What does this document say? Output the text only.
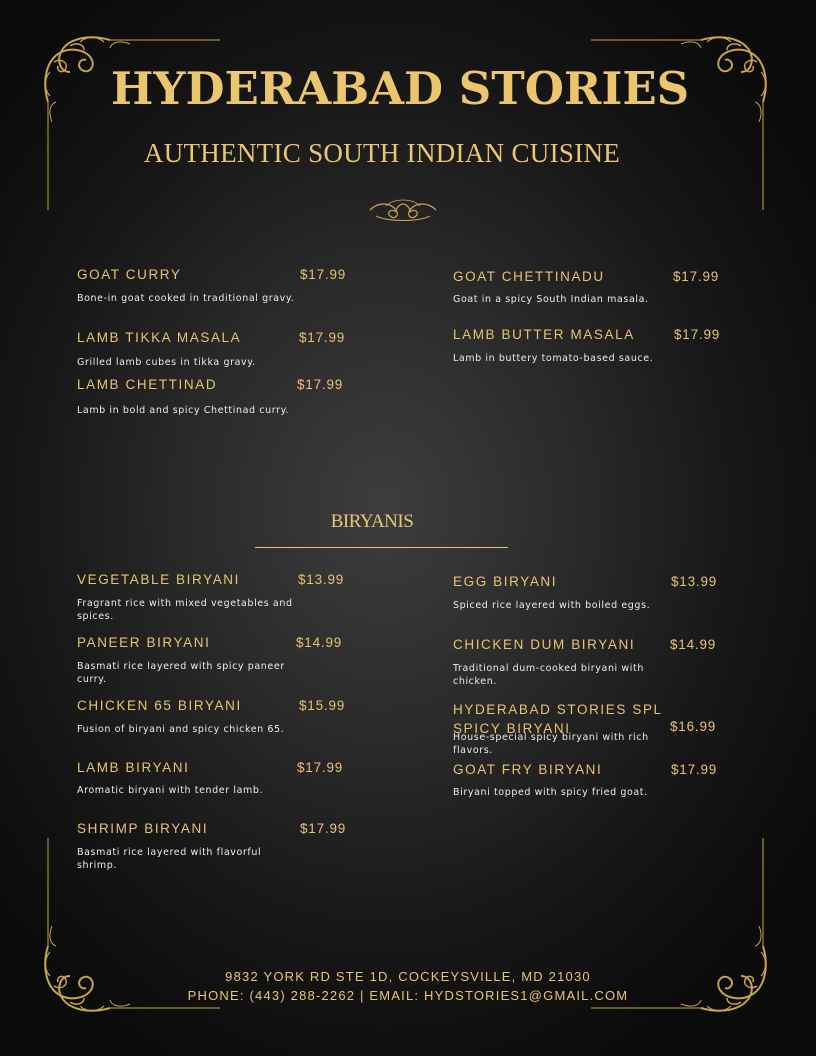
HYDERABAD STORIES
AUTHENTIC SOUTH INDIAN CUISINE
GOAT CURRY	$17.99
Bone-in goat cooked in traditional gravy.
LAMB TIKKA MASALA	$17.99
Grilled lamb cubes in tikka gravy.
LAMB CHETTINAD	$17.99
Lamb in bold and spicy Chettinad curry.
GOAT CHETTINADU	$17.99
Goat in a spicy South Indian masala.
LAMB BUTTER MASALA	$17.99
Lamb in buttery tomato-based sauce.
BIRYANIS
VEGETABLE BIRYANI	$13.99
Fragrant rice with mixed vegetables and spices.
PANEER BIRYANI	$14.99
Basmati rice layered with spicy paneer curry.
CHICKEN 65 BIRYANI	$15.99
Fusion of biryani and spicy chicken 65.
LAMB BIRYANI	$17.99
Aromatic biryani with tender lamb.
SHRIMP BIRYANI	$17.99
Basmati rice layered with flavorful shrimp.
EGG BIRYANI	$13.99
Spiced rice layered with boiled eggs.
CHICKEN DUM BIRYANI	$14.99
Traditional dum-cooked biryani with chicken.
HYDERABAD STORIES SPL SPICY BIRYANI	$16.99
House-special spicy biryani with rich flavors.
GOAT FRY BIRYANI	$17.99
Biryani topped with spicy fried goat.
9832 YORK RD STE 1D, COCKEYSVILLE, MD 21030
PHONE: (443) 288-2262 | EMAIL: HYDSTORIES1@GMAIL.COM
